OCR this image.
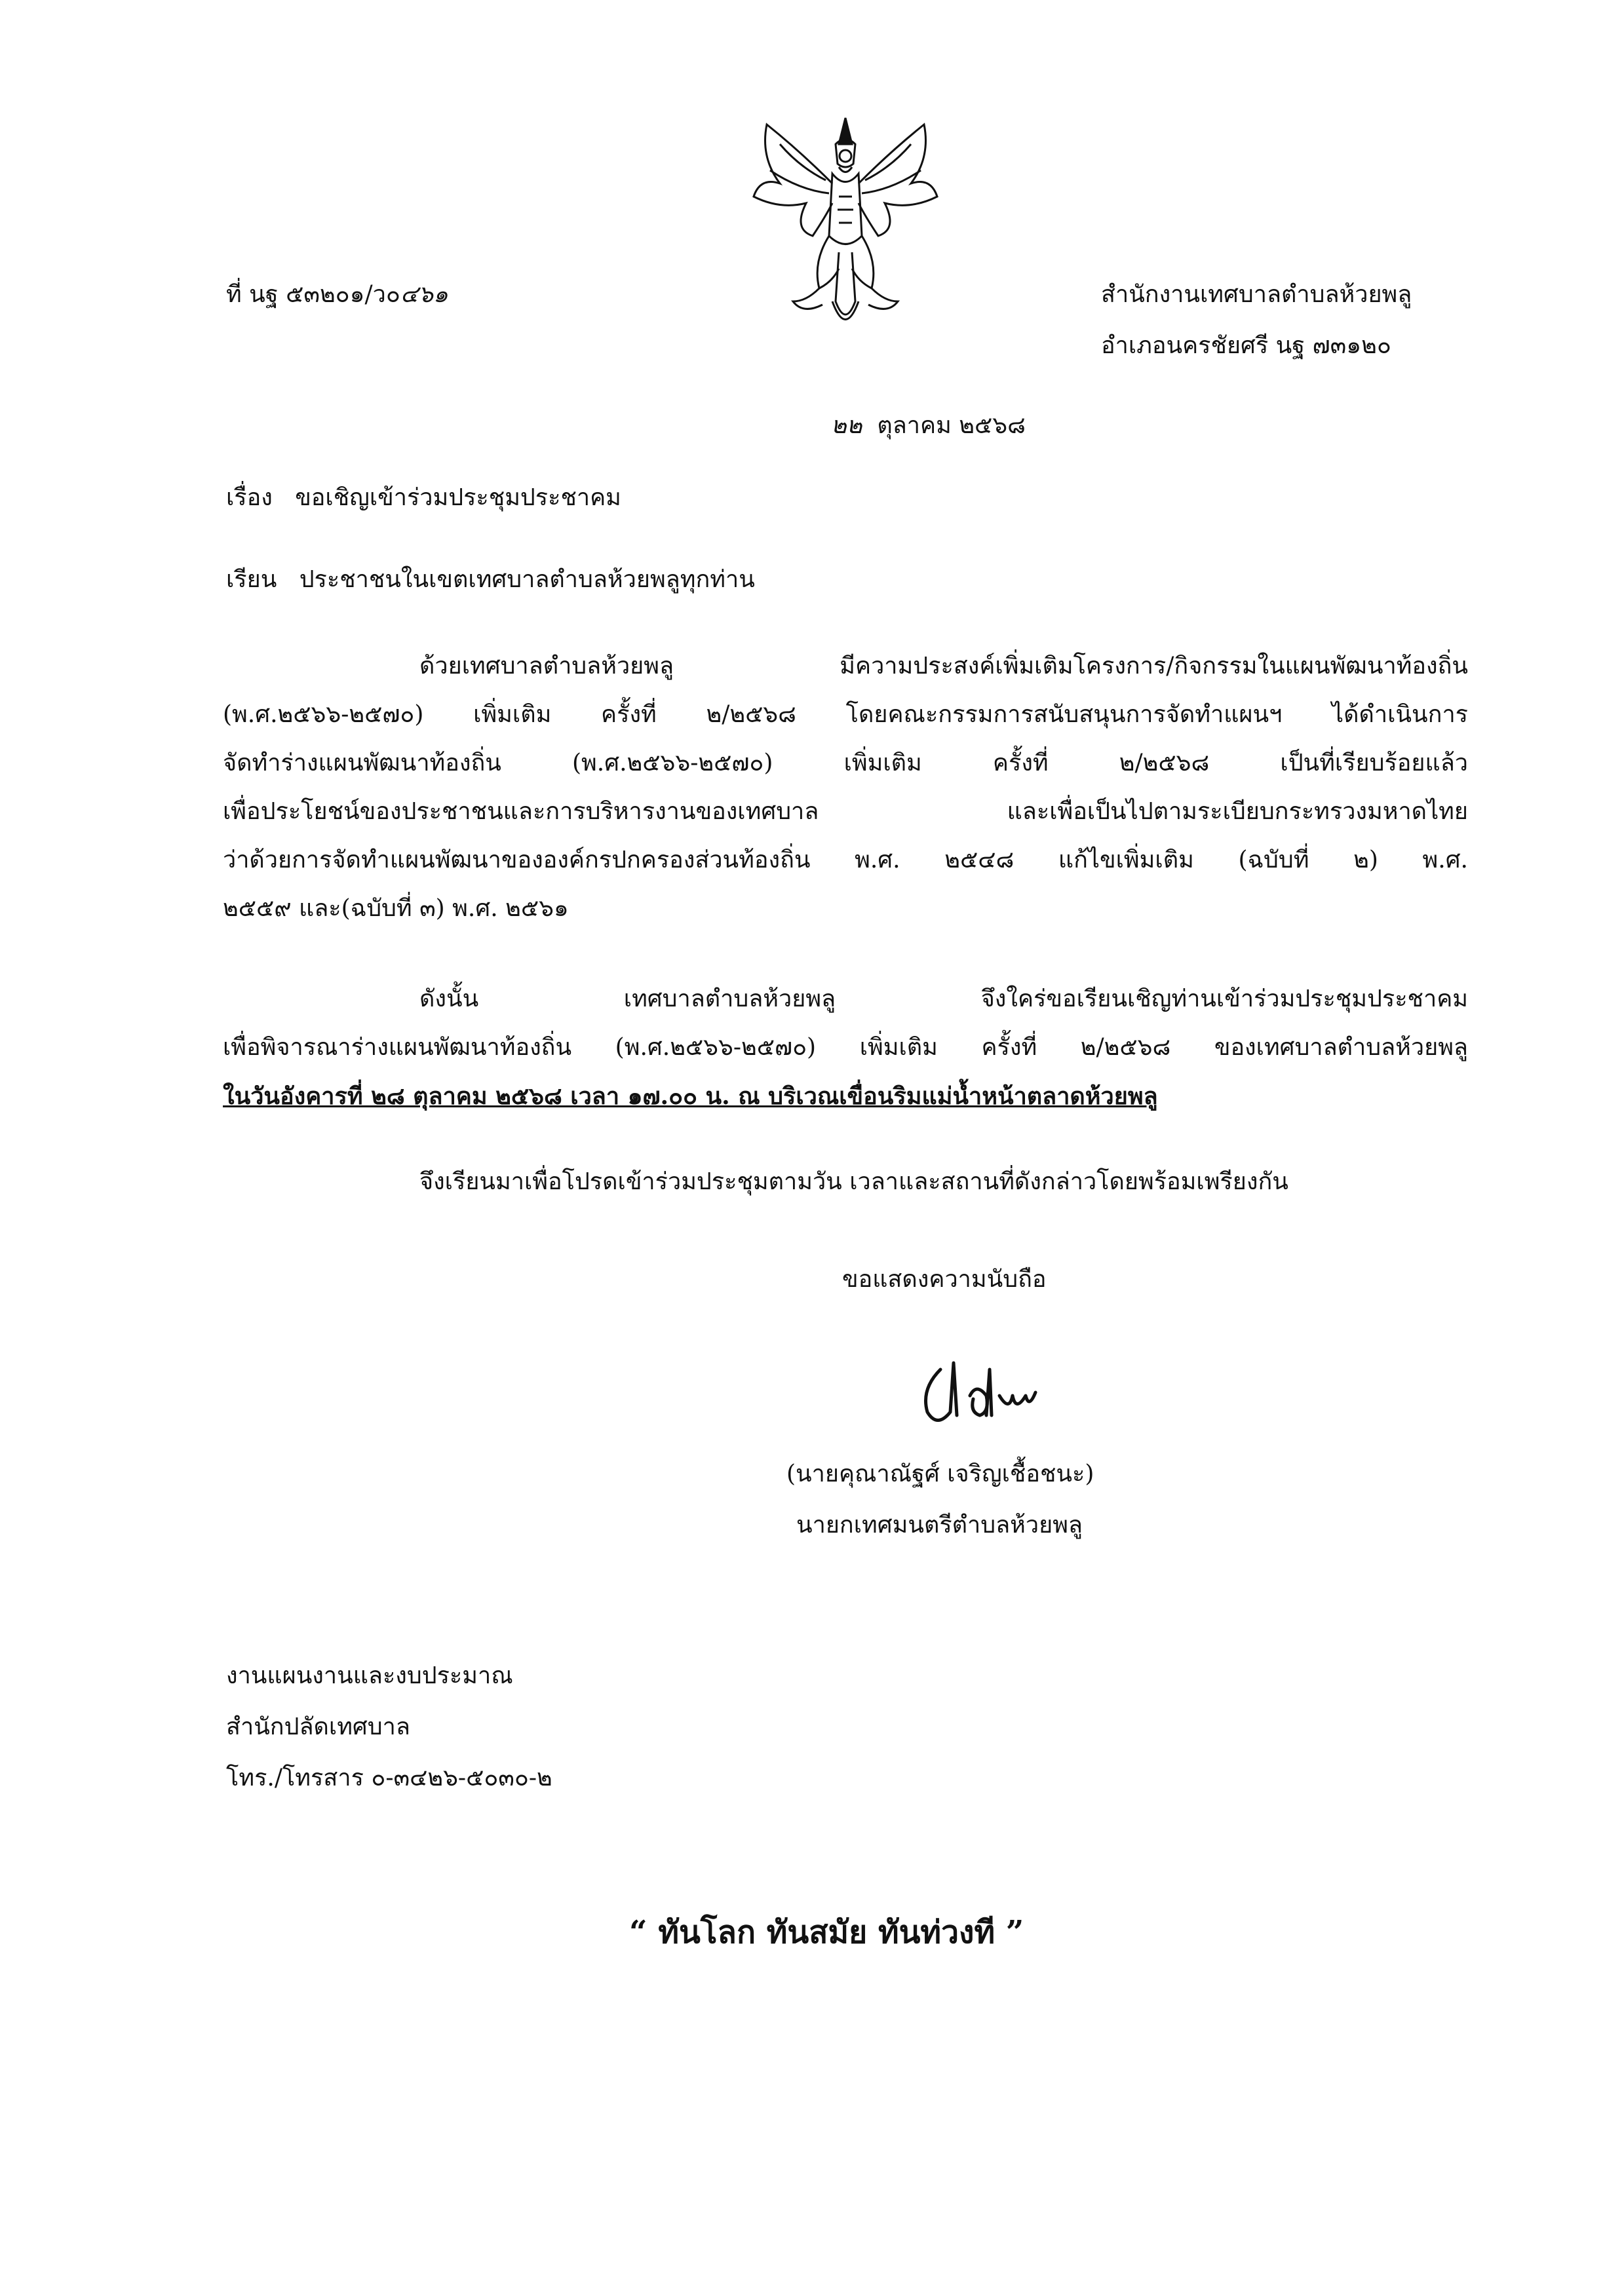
ที่ นฐ ๕๓๒๐๑/ว๐๔๖๑	สำนักงานเทศบาลตำบลห้วยพลู
อำเภอนครชัยศรี นฐ ๗๓๑๒๐
๒๒ ตุลาคม ๒๕๖๘
เรื่อง ขอเชิญเข้าร่วมประชุมประชาคม
เรียน ประชาชนในเขตเทศบาลตำบลห้วยพลูทุกท่าน
ด้วยเทศบาลตำบลห้วยพลู มีความประสงค์เพิ่มเติมโครงการ/กิจกรรมในแผนพัฒนาท้องถิ่น
(พ.ศ.๒๕๖๖-๒๕๗๐) เพิ่มเติม ครั้งที่ ๒/๒๕๖๘ โดยคณะกรรมการสนับสนุนการจัดทำแผนฯ ได้ดำเนินการ
จัดทำร่างแผนพัฒนาท้องถิ่น (พ.ศ.๒๕๖๖-๒๕๗๐) เพิ่มเติม ครั้งที่ ๒/๒๕๖๘ เป็นที่เรียบร้อยแล้ว
เพื่อประโยชน์ของประชาชนและการบริหารงานของเทศบาล และเพื่อเป็นไปตามระเบียบกระทรวงมหาดไทย
ว่าด้วยการจัดทำแผนพัฒนาขององค์กรปกครองส่วนท้องถิ่น พ.ศ. ๒๕๔๘ แก้ไขเพิ่มเติม (ฉบับที่ ๒) พ.ศ.
๒๕๕๙ และ(ฉบับที่ ๓) พ.ศ. ๒๕๖๑
ดังนั้น เทศบาลตำบลห้วยพลู จึงใคร่ขอเรียนเชิญท่านเข้าร่วมประชุมประชาคม
เพื่อพิจารณาร่างแผนพัฒนาท้องถิ่น (พ.ศ.๒๕๖๖-๒๕๗๐) เพิ่มเติม ครั้งที่ ๒/๒๕๖๘ ของเทศบาลตำบลห้วยพลู
ในวันอังคารที่ ๒๘ ตุลาคม ๒๕๖๘ เวลา ๑๗.๐๐ น. ณ บริเวณเขื่อนริมแม่น้ำหน้าตลาดห้วยพลู
จึงเรียนมาเพื่อโปรดเข้าร่วมประชุมตามวัน เวลาและสถานที่ดังกล่าวโดยพร้อมเพรียงกัน
ขอแสดงความนับถือ
(นายคุณาณัฐศ์ เจริญเชื้อชนะ)
นายกเทศมนตรีตำบลห้วยพลู
งานแผนงานและงบประมาณ
สำนักปลัดเทศบาล
โทร./โทรสาร ๐-๓๔๒๖-๕๐๓๐-๒
“ ทันโลก ทันสมัย ทันท่วงที ”
